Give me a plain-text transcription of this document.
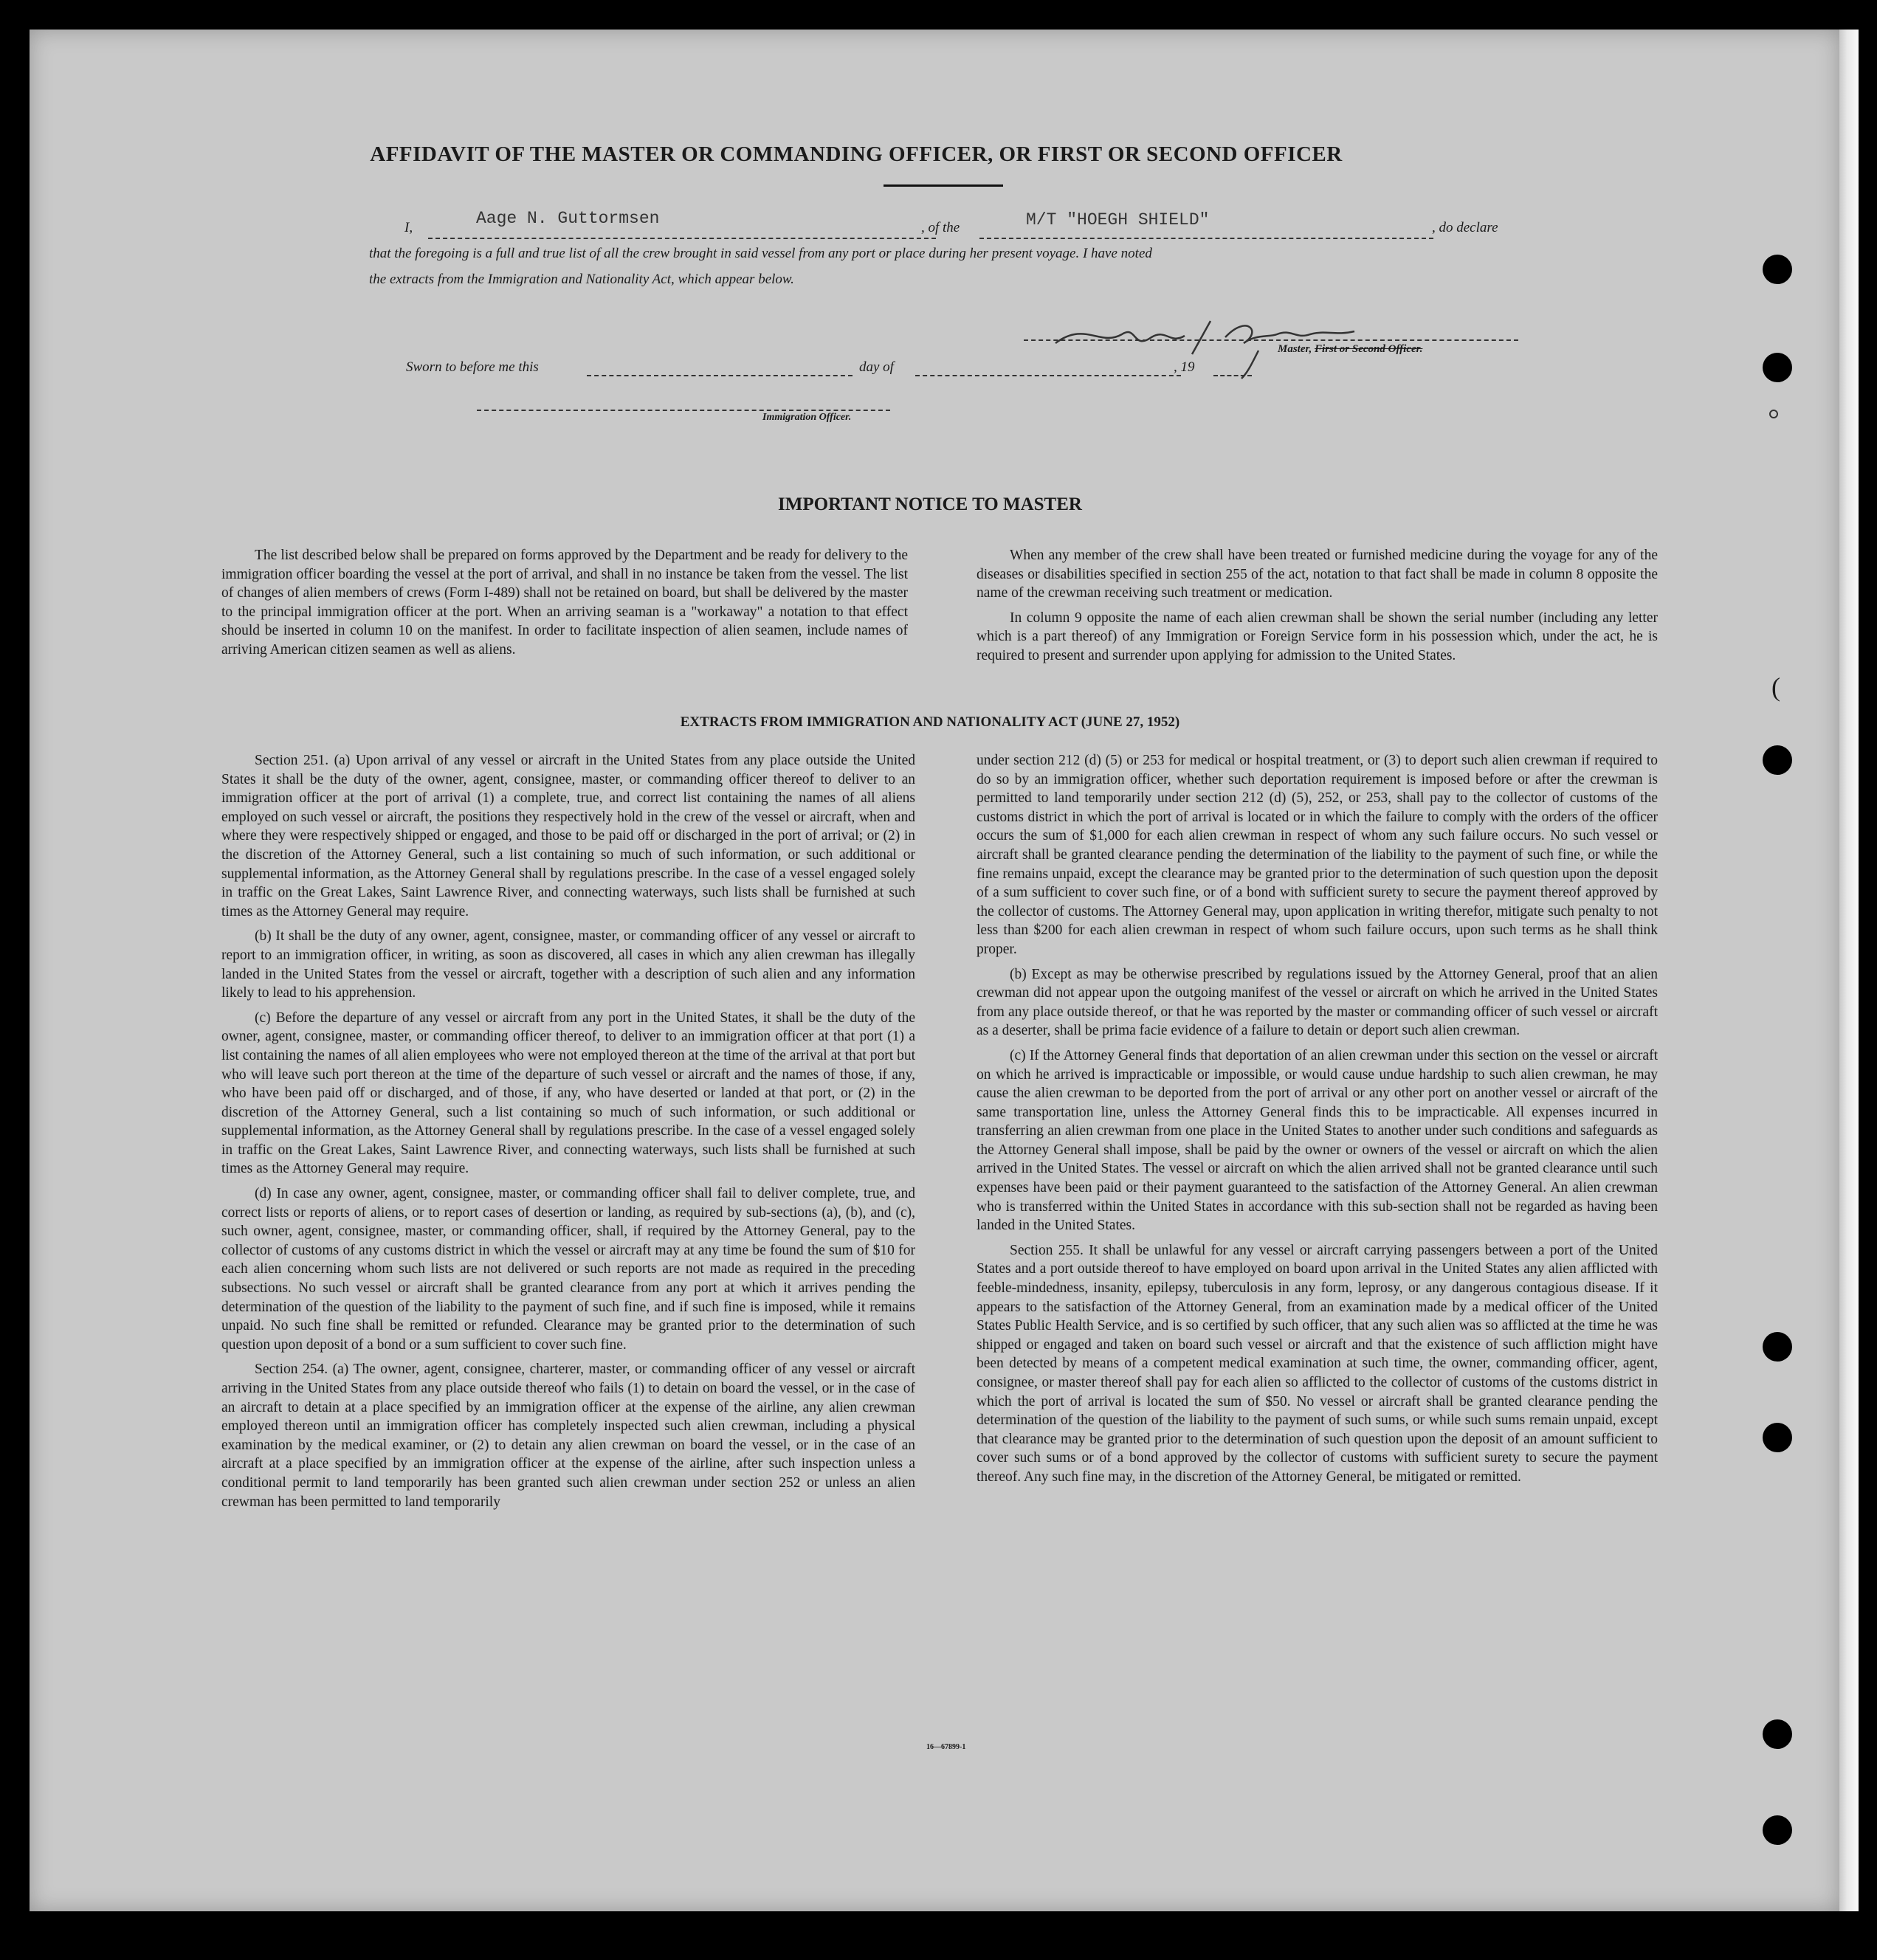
AFFIDAVIT OF THE MASTER OR COMMANDING OFFICER, OR FIRST OR SECOND OFFICER
I,	Aage N. Guttormsen	, of the	M/T "HOEGH SHIELD"	, do declare
that the foregoing is a full and true list of all the crew brought in said vessel from any port or place during her present voyage. I have noted
the extracts from the Immigration and Nationality Act, which appear below.
Master, First or Second Officer.
Sworn to before me this	day of	, 19
Immigration Officer.
IMPORTANT NOTICE TO MASTER

The list described below shall be prepared on forms approved by the Department and be ready for delivery to the immigration officer boarding the vessel at the port of arrival, and shall in no instance be taken from the vessel. The list of changes of alien members of crews (Form I-489) shall not be retained on board, but shall be delivered by the master to the principal immigration officer at the port. When an arriving seaman is a "workaway" a notation to that effect should be inserted in column 10 on the manifest. In order to facilitate inspection of alien seamen, include names of arriving American citizen seamen as well as aliens.

When any member of the crew shall have been treated or furnished medicine during the voyage for any of the diseases or disabilities specified in section 255 of the act, notation to that fact shall be made in column 8 opposite the name of the crewman receiving such treatment or medication.

In column 9 opposite the name of each alien crewman shall be shown the serial number (including any letter which is a part thereof) of any Immigration or Foreign Service form in his possession which, under the act, he is required to present and surrender upon applying for admission to the United States.

EXTRACTS FROM IMMIGRATION AND NATIONALITY ACT (JUNE 27, 1952)

Section 251. (a) Upon arrival of any vessel or aircraft in the United States from any place outside the United States it shall be the duty of the owner, agent, consignee, master, or commanding officer thereof to deliver to an immigration officer at the port of arrival (1) a complete, true, and correct list containing the names of all aliens employed on such vessel or aircraft, the positions they respectively hold in the crew of the vessel or aircraft, when and where they were respectively shipped or engaged, and those to be paid off or discharged in the port of arrival; or (2) in the discretion of the Attorney General, such a list containing so much of such information, or such additional or supplemental information, as the Attorney General shall by regulations prescribe. In the case of a vessel engaged solely in traffic on the Great Lakes, Saint Lawrence River, and connecting waterways, such lists shall be furnished at such times as the Attorney General may require.

(b) It shall be the duty of any owner, agent, consignee, master, or commanding officer of any vessel or aircraft to report to an immigration officer, in writing, as soon as discovered, all cases in which any alien crewman has illegally landed in the United States from the vessel or aircraft, together with a description of such alien and any information likely to lead to his apprehension.

(c) Before the departure of any vessel or aircraft from any port in the United States, it shall be the duty of the owner, agent, consignee, master, or commanding officer thereof, to deliver to an immigration officer at that port (1) a list containing the names of all alien employees who were not employed thereon at the time of the arrival at that port but who will leave such port thereon at the time of the departure of such vessel or aircraft and the names of those, if any, who have been paid off or discharged, and of those, if any, who have deserted or landed at that port, or (2) in the discretion of the Attorney General, such a list containing so much of such information, or such additional or supplemental information, as the Attorney General shall by regulations prescribe. In the case of a vessel engaged solely in traffic on the Great Lakes, Saint Lawrence River, and connecting waterways, such lists shall be furnished at such times as the Attorney General may require.

(d) In case any owner, agent, consignee, master, or commanding officer shall fail to deliver complete, true, and correct lists or reports of aliens, or to report cases of desertion or landing, as required by sub-sections (a), (b), and (c), such owner, agent, consignee, master, or commanding officer, shall, if required by the Attorney General, pay to the collector of customs of any customs district in which the vessel or aircraft may at any time be found the sum of $10 for each alien concerning whom such lists are not delivered or such reports are not made as required in the preceding subsections. No such vessel or aircraft shall be granted clearance from any port at which it arrives pending the determination of the question of the liability to the payment of such fine, and if such fine is imposed, while it remains unpaid. No such fine shall be remitted or refunded. Clearance may be granted prior to the determination of such question upon deposit of a bond or a sum sufficient to cover such fine.

Section 254. (a) The owner, agent, consignee, charterer, master, or commanding officer of any vessel or aircraft arriving in the United States from any place outside thereof who fails (1) to detain on board the vessel, or in the case of an aircraft to detain at a place specified by an immigration officer at the expense of the airline, any alien crewman employed thereon until an immigration officer has completely inspected such alien crewman, including a physical examination by the medical examiner, or (2) to detain any alien crewman on board the vessel, or in the case of an aircraft at a place specified by an immigration officer at the expense of the airline, after such inspection unless a conditional permit to land temporarily has been granted such alien crewman under section 252 or unless an alien crewman has been permitted to land temporarily

under section 212 (d) (5) or 253 for medical or hospital treatment, or (3) to deport such alien crewman if required to do so by an immigration officer, whether such deportation requirement is imposed before or after the crewman is permitted to land temporarily under section 212 (d) (5), 252, or 253, shall pay to the collector of customs of the customs district in which the port of arrival is located or in which the failure to comply with the orders of the officer occurs the sum of $1,000 for each alien crewman in respect of whom any such failure occurs. No such vessel or aircraft shall be granted clearance pending the determination of the liability to the payment of such fine, or while the fine remains unpaid, except the clearance may be granted prior to the determination of such question upon the deposit of a sum sufficient to cover such fine, or of a bond with sufficient surety to secure the payment thereof approved by the collector of customs. The Attorney General may, upon application in writing therefor, mitigate such penalty to not less than $200 for each alien crewman in respect of whom such failure occurs, upon such terms as he shall think proper.

(b) Except as may be otherwise prescribed by regulations issued by the Attorney General, proof that an alien crewman did not appear upon the outgoing manifest of the vessel or aircraft on which he arrived in the United States from any place outside thereof, or that he was reported by the master or commanding officer of such vessel or aircraft as a deserter, shall be prima facie evidence of a failure to detain or deport such alien crewman.

(c) If the Attorney General finds that deportation of an alien crewman under this section on the vessel or aircraft on which he arrived is impracticable or impossible, or would cause undue hardship to such alien crewman, he may cause the alien crewman to be deported from the port of arrival or any other port on another vessel or aircraft of the same transportation line, unless the Attorney General finds this to be impracticable. All expenses incurred in transferring an alien crewman from one place in the United States to another under such conditions and safeguards as the Attorney General shall impose, shall be paid by the owner or owners of the vessel or aircraft on which the alien arrived in the United States. The vessel or aircraft on which the alien arrived shall not be granted clearance until such expenses have been paid or their payment guaranteed to the satisfaction of the Attorney General. An alien crewman who is transferred within the United States in accordance with this sub-section shall not be regarded as having been landed in the United States.

Section 255. It shall be unlawful for any vessel or aircraft carrying passengers between a port of the United States and a port outside thereof to have employed on board upon arrival in the United States any alien afflicted with feeble-mindedness, insanity, epilepsy, tuberculosis in any form, leprosy, or any dangerous contagious disease. If it appears to the satisfaction of the Attorney General, from an examination made by a medical officer of the United States Public Health Service, and is so certified by such officer, that any such alien was so afflicted at the time he was shipped or engaged and taken on board such vessel or aircraft and that the existence of such affliction might have been detected by means of a competent medical examination at such time, the owner, commanding officer, agent, consignee, or master thereof shall pay for each alien so afflicted to the collector of customs of the customs district in which the port of arrival is located the sum of $50. No vessel or aircraft shall be granted clearance pending the determination of the question of the liability to the payment of such sums, or while such sums remain unpaid, except that clearance may be granted prior to the determination of such question upon the deposit of an amount sufficient to cover such sums or of a bond approved by the collector of customs with sufficient surety to secure the payment thereof. Any such fine may, in the discretion of the Attorney General, be mitigated or remitted.

16—67899-1
(
